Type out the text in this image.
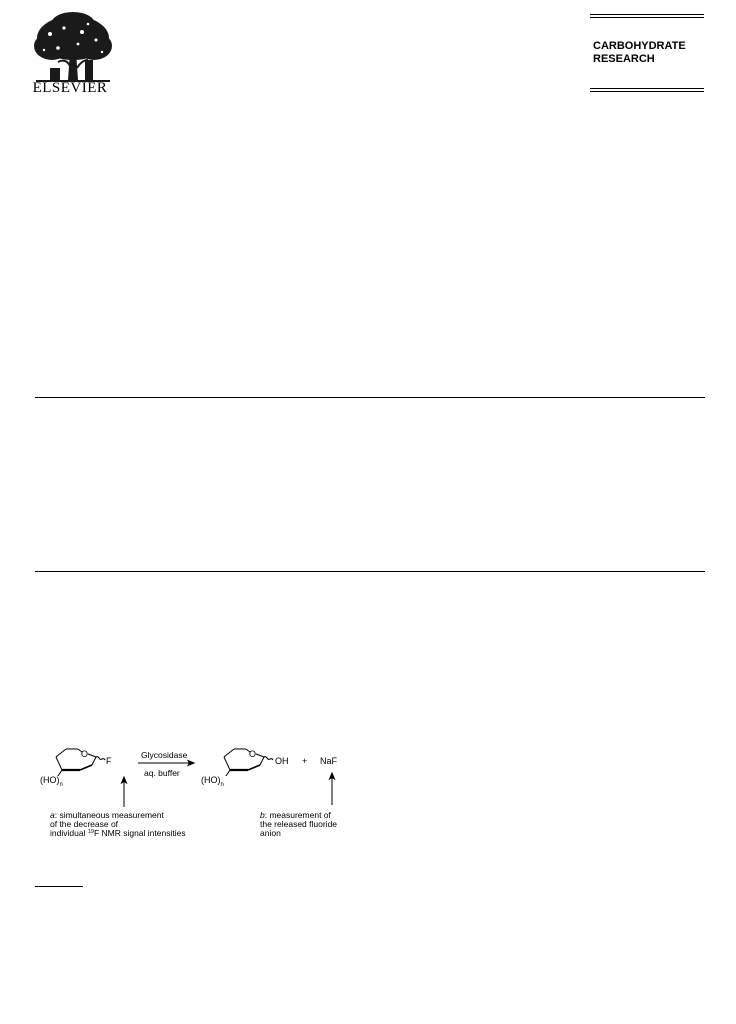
ELSEVIER
CARBOHYDRATE
RESEARCH
O
F
$(HO)_n$
Glycosidase
aq. buffer
O
OH
$(HO)_n$
+ NaF
a: simultaneous measurement
of the decrease of
individual $^{19}$F NMR signal intensities
b: measurement of
the released fluoride
anion
